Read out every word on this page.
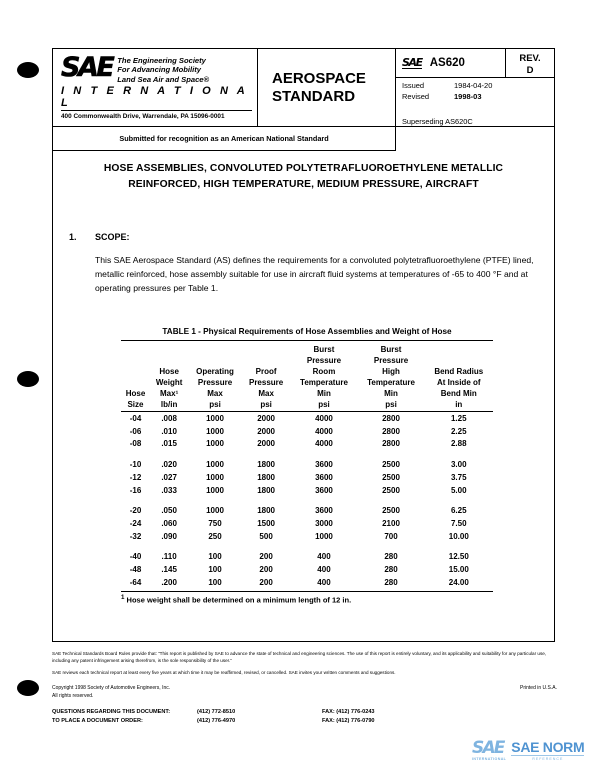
SAE The Engineering Society
For Advancing Mobility
Land Sea Air and Space®
I N T E R N A T I O N A L
400 Commonwealth Drive, Warrendale, PA 15096-0001
AEROSPACE
STANDARD
SAE AS620	REV.
D
Issued	1984-04-20
Revised	1998-03
Superseding AS620C
Submitted for recognition as an American National Standard
HOSE ASSEMBLIES, CONVOLUTED POLYTETRAFLUOROETHYLENE METALLIC
REINFORCED, HIGH TEMPERATURE, MEDIUM PRESSURE, AIRCRAFT
1. SCOPE:
This SAE Aerospace Standard (AS) defines the requirements for a convoluted polytetrafluoroethylene (PTFE) lined, metallic reinforced, hose assembly suitable for use in aircraft fluid systems at temperatures of -65 to 400 °F and at operating pressures per Table 1.
TABLE 1 - Physical Requirements of Hose Assemblies and Weight of Hose
Hose
Size

Hose
Weight
Max¹
lb/in

Operating
Pressure
Max
psi

Proof
Pressure
Max
psi

Burst
Pressure
Room
Temperature
Min
psi

Burst
Pressure
High
Temperature
Min
psi

Bend Radius
At Inside of
Bend Min
in

-04	.008	1000	2000	4000	2800	1.25
-06	.010	1000	2000	4000	2800	2.25
-08	.015	1000	2000	4000	2800	2.88

-10	.020	1000	1800	3600	2500	3.00
-12	.027	1000	1800	3600	2500	3.75
-16	.033	1000	1800	3600	2500	5.00

-20	.050	1000	1800	3600	2500	6.25
-24	.060	750	1500	3000	2100	7.50
-32	.090	250	500	1000	700	10.00

-40	.110	100	200	400	280	12.50
-48	.145	100	200	400	280	15.00
-64	.200	100	200	400	280	24.00
$^1$ Hose weight shall be determined on a minimum length of 12 in.

SAE Technical Standards Board Rules provide that: “This report is published by SAE to advance the state of technical and engineering sciences. The use of this report is entirely voluntary, and its applicability and suitability for any particular use, including any patent infringement arising therefrom, is the sole responsibility of the user.”

SAE reviews each technical report at least every five years at which time it may be reaffirmed, revised, or cancelled. SAE invites your written comments and suggestions.

Copyright 1998 Society of Automotive Engineers, Inc.
All rights reserved.
Printed in U.S.A.
QUESTIONS REGARDING THIS DOCUMENT:	(412) 772-8510	FAX: (412) 776-0243
TO PLACE A DOCUMENT ORDER:	(412) 776-4970	FAX: (412) 776-0790
SAE
INTERNATIONAL
SAE NORM
REFERENCE
